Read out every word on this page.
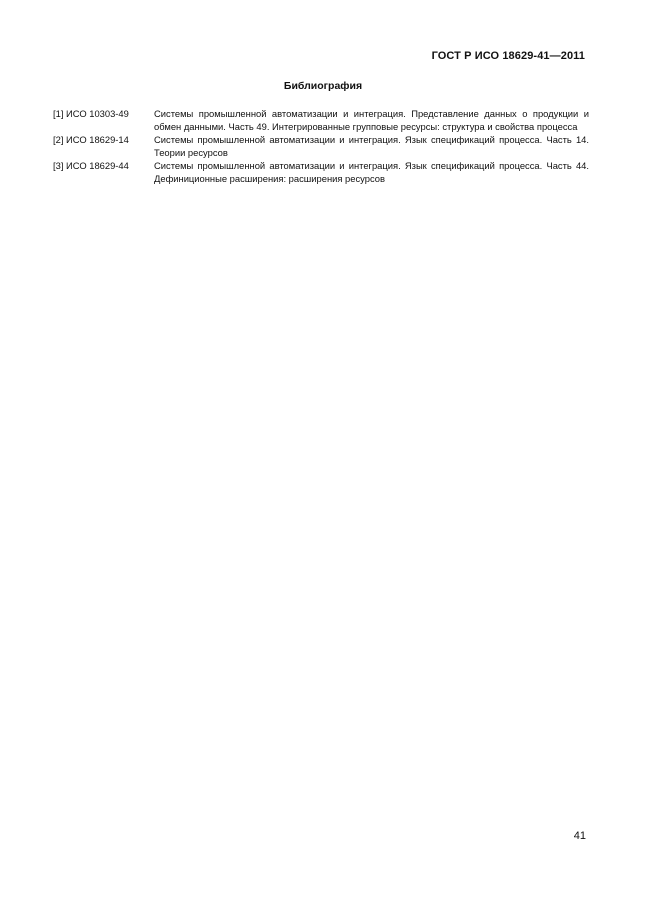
ГОСТ Р ИСО 18629-41—2011
Библиография
[1] ИСО 10303-49	Системы промышленной автоматизации и интеграция. Представление данных о продукции и обмен данными. Часть 49. Интегрированные групповые ресурсы: структура и свойства процесса
[2] ИСО 18629-14	Системы промышленной автоматизации и интеграция. Язык спецификаций процесса. Часть 14. Теории ресурсов
[3] ИСО 18629-44	Системы промышленной автоматизации и интеграция. Язык спецификаций процесса. Часть 44. Дефиниционные расширения: расширения ресурсов
41
